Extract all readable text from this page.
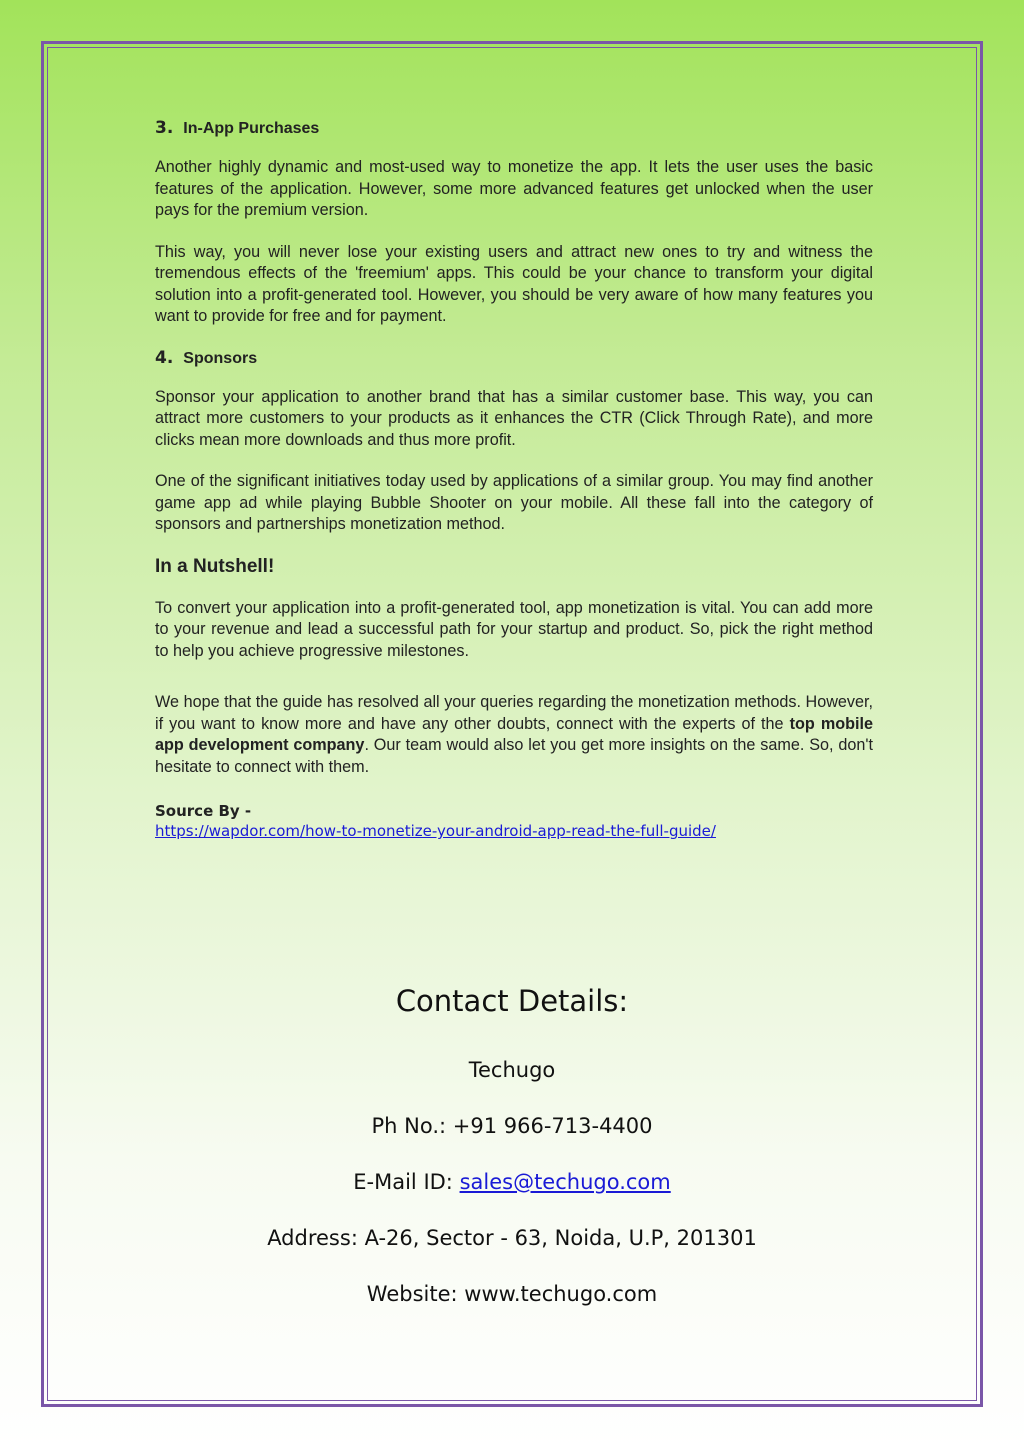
3. In-App Purchases

Another highly dynamic and most-used way to monetize the app. It lets the user uses the basic features of the application. However, some more advanced features get unlocked when the user pays for the premium version.

This way, you will never lose your existing users and attract new ones to try and witness the tremendous effects of the 'freemium' apps. This could be your chance to transform your digital solution into a profit-generated tool. However, you should be very aware of how many features you want to provide for free and for payment.

4. Sponsors

Sponsor your application to another brand that has a similar customer base. This way, you can attract more customers to your products as it enhances the CTR (Click Through Rate), and more clicks mean more downloads and thus more profit.

One of the significant initiatives today used by applications of a similar group. You may find another game app ad while playing Bubble Shooter on your mobile. All these fall into the category of sponsors and partnerships monetization method.

In a Nutshell!

To convert your application into a profit-generated tool, app monetization is vital. You can add more to your revenue and lead a successful path for your startup and product. So, pick the right method to help you achieve progressive milestones.

We hope that the guide has resolved all your queries regarding the monetization methods. However, if you want to know more and have any other doubts, connect with the experts of the top mobile app development company. Our team would also let you get more insights on the same. So, don't hesitate to connect with them.

Source By -
https://wapdor.com/how-to-monetize-your-android-app-read-the-full-guide/
Contact Details:
Techugo
Ph No.: +91 966-713-4400
E-Mail ID: sales@techugo.com
Address: A-26, Sector - 63, Noida, U.P, 201301
Website: www.techugo.com
